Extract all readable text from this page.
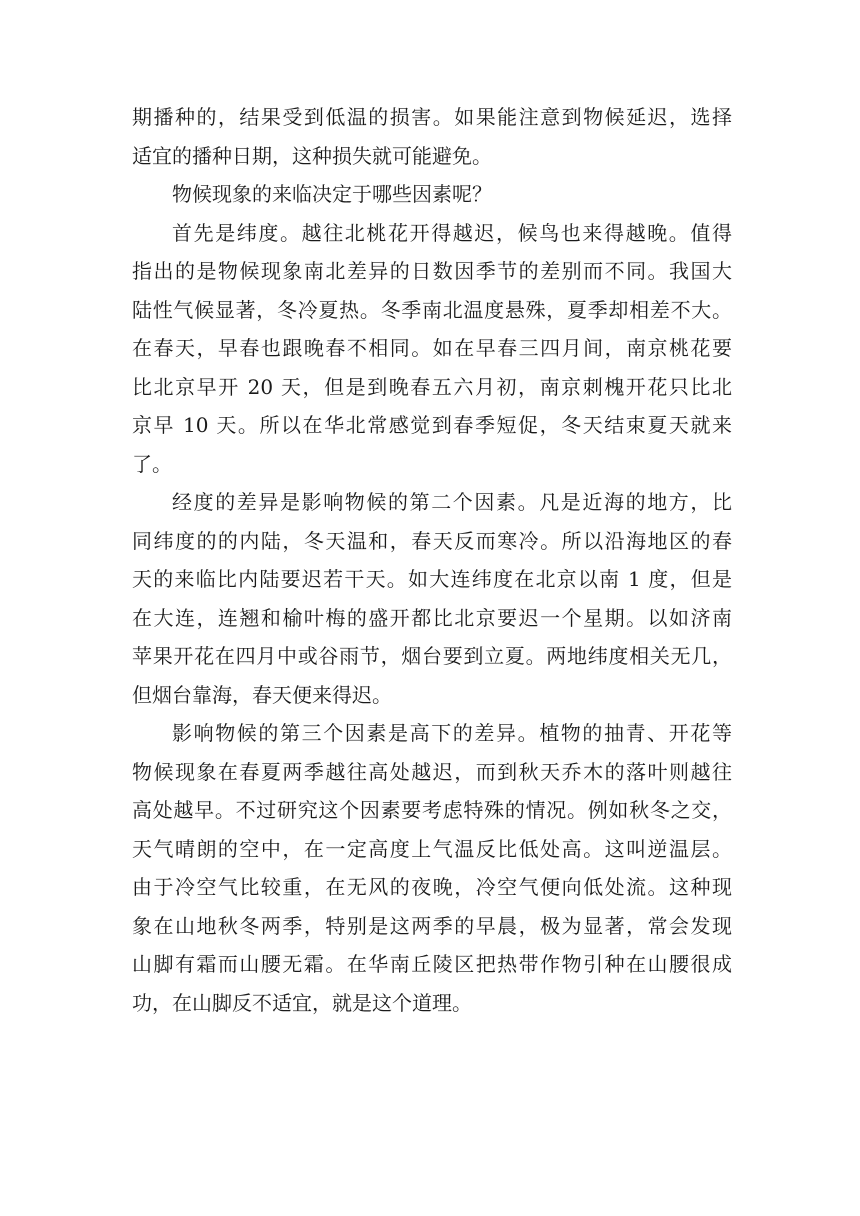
期播种的，结果受到低温的损害。如果能注意到物候延迟，选择
适宜的播种日期，这种损失就可能避免。

物候现象的来临决定于哪些因素呢？

首先是纬度。越往北桃花开得越迟，候鸟也来得越晚。值得
指出的是物候现象南北差异的日数因季节的差别而不同。我国大
陆性气候显著，冬冷夏热。冬季南北温度悬殊，夏季却相差不大。
在春天，早春也跟晚春不相同。如在早春三四月间，南京桃花要
比北京早开 20 天，但是到晚春五六月初，南京刺槐开花只比北
京早 10 天。所以在华北常感觉到春季短促，冬天结束夏天就来
了。

经度的差异是影响物候的第二个因素。凡是近海的地方，比
同纬度的的内陆，冬天温和，春天反而寒冷。所以沿海地区的春
天的来临比内陆要迟若干天。如大连纬度在北京以南 1 度，但是
在大连，连翘和榆叶梅的盛开都比北京要迟一个星期。以如济南
苹果开花在四月中或谷雨节，烟台要到立夏。两地纬度相关无几，
但烟台靠海，春天便来得迟。

影响物候的第三个因素是高下的差异。植物的抽青、开花等
物候现象在春夏两季越往高处越迟，而到秋天乔木的落叶则越往
高处越早。不过研究这个因素要考虑特殊的情况。例如秋冬之交，
天气晴朗的空中，在一定高度上气温反比低处高。这叫逆温层。
由于冷空气比较重，在无风的夜晚，冷空气便向低处流。这种现
象在山地秋冬两季，特别是这两季的早晨，极为显著，常会发现
山脚有霜而山腰无霜。在华南丘陵区把热带作物引种在山腰很成
功，在山脚反不适宜，就是这个道理。
